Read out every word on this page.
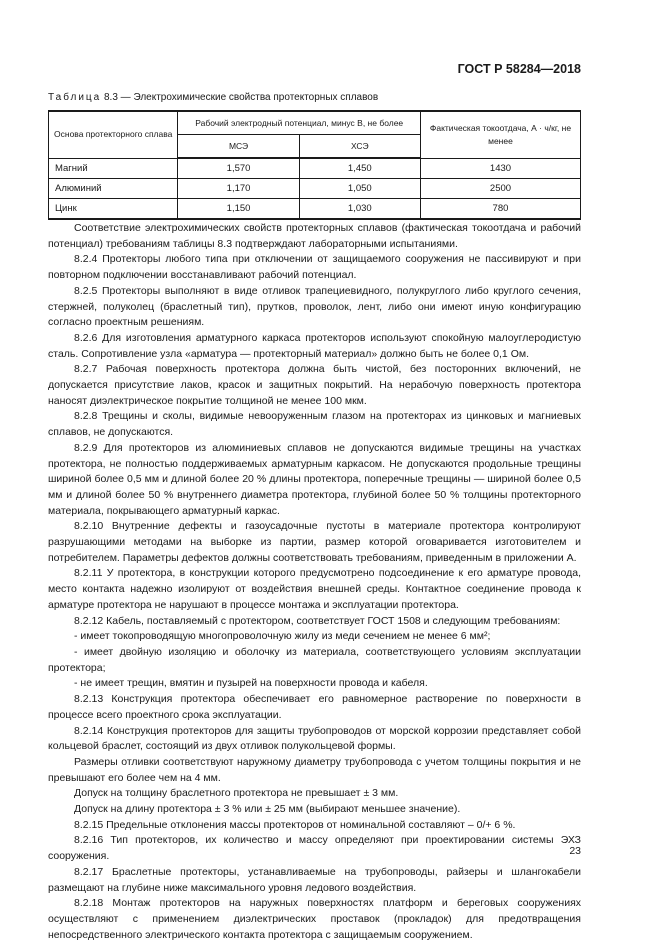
ГОСТ Р 58284—2018
Таблица 8.3 — Электрохимические свойства протекторных сплавов
Основа протекторного сплава	Рабочий электродный потенциал, минус В, не более		Фактическая токоотдача, А · ч/кг, не менее
	МСЭ	ХСЭ	
Магний	1,570	1,450	1430
Алюминий	1,170	1,050	2500
Цинк	1,150	1,030	780

Соответствие электрохимических свойств протекторных сплавов (фактическая токоотдача и рабочий потенциал) требованиям таблицы 8.3 подтверждают лабораторными испытаниями.

8.2.4 Протекторы любого типа при отключении от защищаемого сооружения не пассивируют и при повторном подключении восстанавливают рабочий потенциал.

8.2.5 Протекторы выполняют в виде отливок трапециевидного, полукруглого либо круглого сечения, стержней, полуколец (браслетный тип), прутков, проволок, лент, либо они имеют иную конфигурацию согласно проектным решениям.

8.2.6 Для изготовления арматурного каркаса протекторов используют спокойную малоуглеродистую сталь. Сопротивление узла «арматура — протекторный материал» должно быть не более 0,1 Ом.

8.2.7 Рабочая поверхность протектора должна быть чистой, без посторонних включений, не допускается присутствие лаков, красок и защитных покрытий. На нерабочую поверхность протектора наносят диэлектрическое покрытие толщиной не менее 100 мкм.

8.2.8 Трещины и сколы, видимые невооруженным глазом на протекторах из цинковых и магниевых сплавов, не допускаются.

8.2.9 Для протекторов из алюминиевых сплавов не допускаются видимые трещины на участках протектора, не полностью поддерживаемых арматурным каркасом. Не допускаются продольные трещины шириной более 0,5 мм и длиной более 20 % длины протектора, поперечные трещины — шириной более 0,5 мм и длиной более 50 % внутреннего диаметра протектора, глубиной более 50 % толщины протекторного материала, покрывающего арматурный каркас.

8.2.10 Внутренние дефекты и газоусадочные пустоты в материале протектора контролируют разрушающими методами на выборке из партии, размер которой оговаривается изготовителем и потребителем. Параметры дефектов должны соответствовать требованиям, приведенным в приложении А.

8.2.11 У протектора, в конструкции которого предусмотрено подсоединение к его арматуре провода, место контакта надежно изолируют от воздействия внешней среды. Контактное соединение провода к арматуре протектора не нарушают в процессе монтажа и эксплуатации протектора.

8.2.12 Кабель, поставляемый с протектором, соответствует ГОСТ 1508 и следующим требованиям:

- имеет токопроводящую многопроволочную жилу из меди сечением не менее 6 мм²;

- имеет двойную изоляцию и оболочку из материала, соответствующего условиям эксплуатации протектора;

- не имеет трещин, вмятин и пузырей на поверхности провода и кабеля.

8.2.13 Конструкция протектора обеспечивает его равномерное растворение по поверхности в процессе всего проектного срока эксплуатации.

8.2.14 Конструкция протекторов для защиты трубопроводов от морской коррозии представляет собой кольцевой браслет, состоящий из двух отливок полукольцевой формы.

Размеры отливки соответствуют наружному диаметру трубопровода с учетом толщины покрытия и не превышают его более чем на 4 мм.

Допуск на толщину браслетного протектора не превышает ± 3 мм.

Допуск на длину протектора ± 3 % или ± 25 мм (выбирают меньшее значение).

8.2.15 Предельные отклонения массы протекторов от номинальной составляют – 0/+ 6 %.

8.2.16 Тип протекторов, их количество и массу определяют при проектировании системы ЭХЗ сооружения.

8.2.17 Браслетные протекторы, устанавливаемые на трубопроводы, райзеры и шлангокабели размещают на глубине ниже максимального уровня ледового воздействия.

8.2.18 Монтаж протекторов на наружных поверхностях платформ и береговых сооружениях осуществляют с применением диэлектрических проставок (прокладок) для предотвращения непосредственного электрического контакта протектора с защищаемым сооружением.

23
